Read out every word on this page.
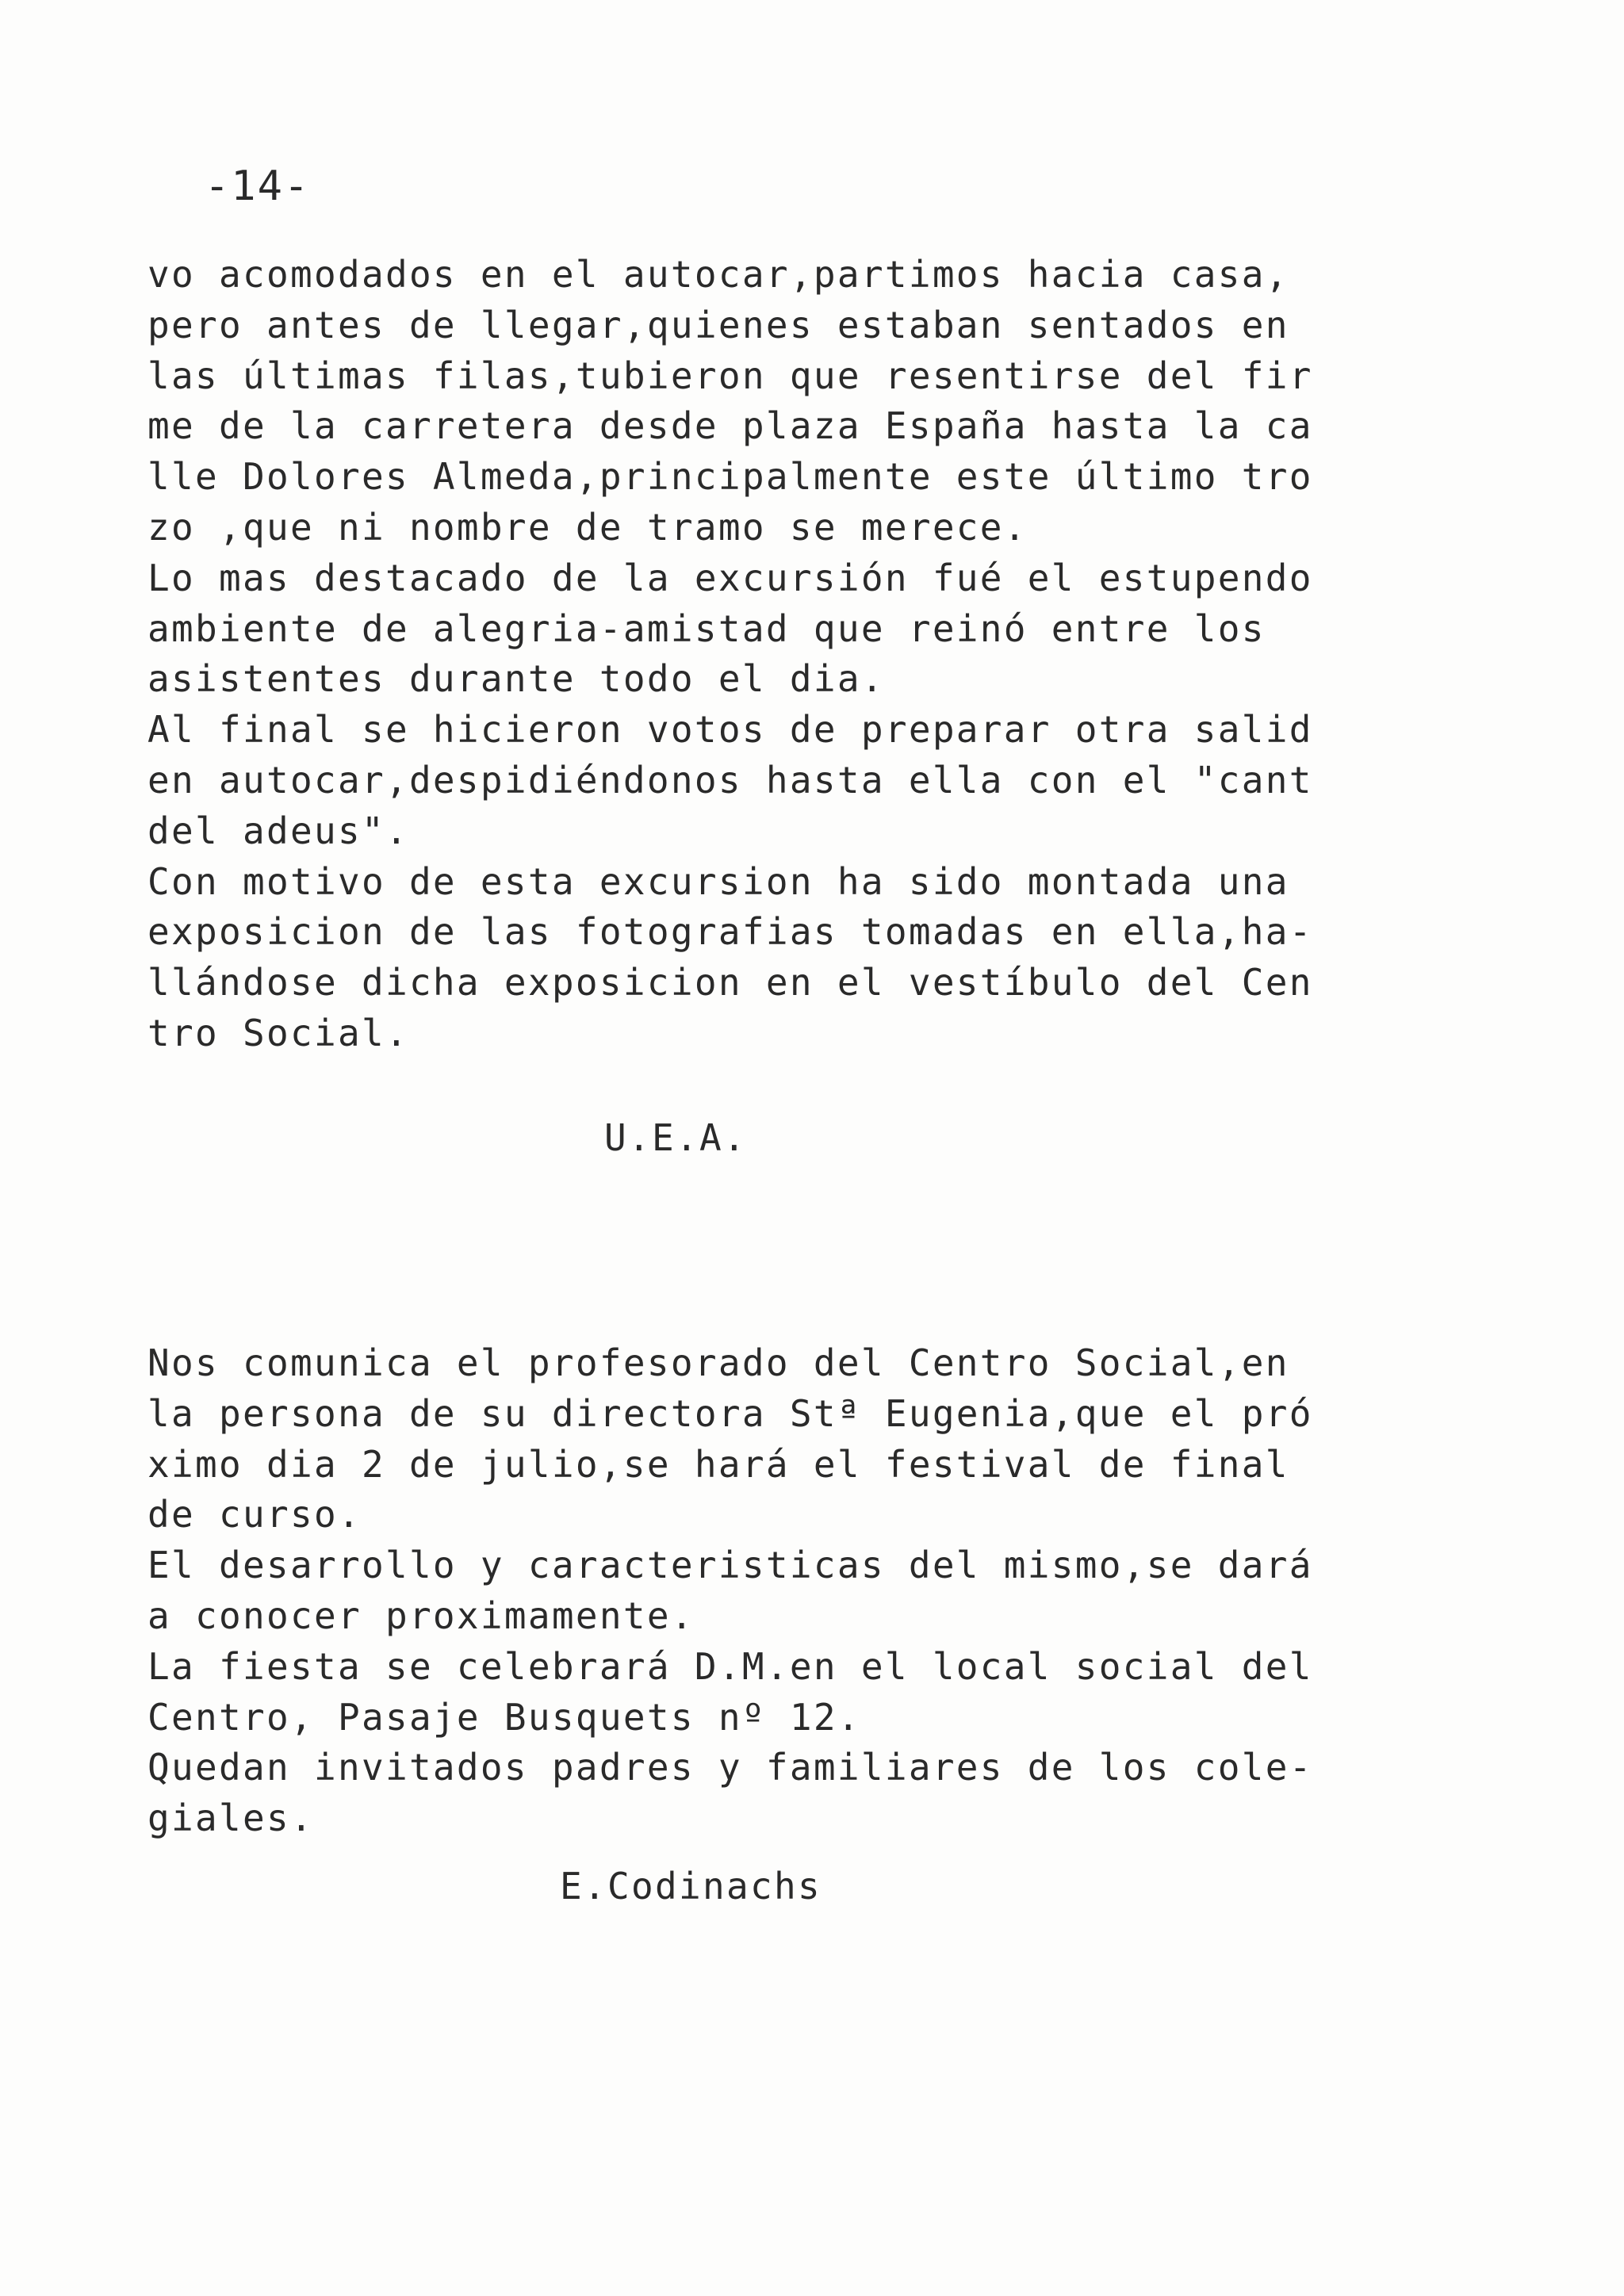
-14-
vo acomodados en el autocar,partimos hacia casa,
pero antes de llegar,quienes estaban sentados en
las últimas filas,tubieron que resentirse del fir
me de la carretera desde plaza España hasta la ca
lle Dolores Almeda,principalmente este último tro
zo ,que ni nombre de tramo se merece.
Lo mas destacado de la excursión fué el estupendo
ambiente de alegria-amistad que reinó entre los
asistentes durante todo el dia.
Al final se hicieron votos de preparar otra salid
en autocar,despidiéndonos hasta ella con el "cant
del adeus".
Con motivo de esta excursion ha sido montada una
exposicion de las fotografias tomadas en ella,ha-
llándose dicha exposicion en el vestíbulo del Cen
tro Social.
U.E.A.
Nos comunica el profesorado del Centro Social,en
la persona de su directora Stª Eugenia,que el pró
ximo dia 2 de julio,se hará el festival de final
de curso.
El desarrollo y caracteristicas del mismo,se dará
a conocer proximamente.
La fiesta se celebrará D.M.en el local social del
Centro, Pasaje Busquets nº 12.
Quedan invitados padres y familiares de los cole-
giales.
E.Codinachs
